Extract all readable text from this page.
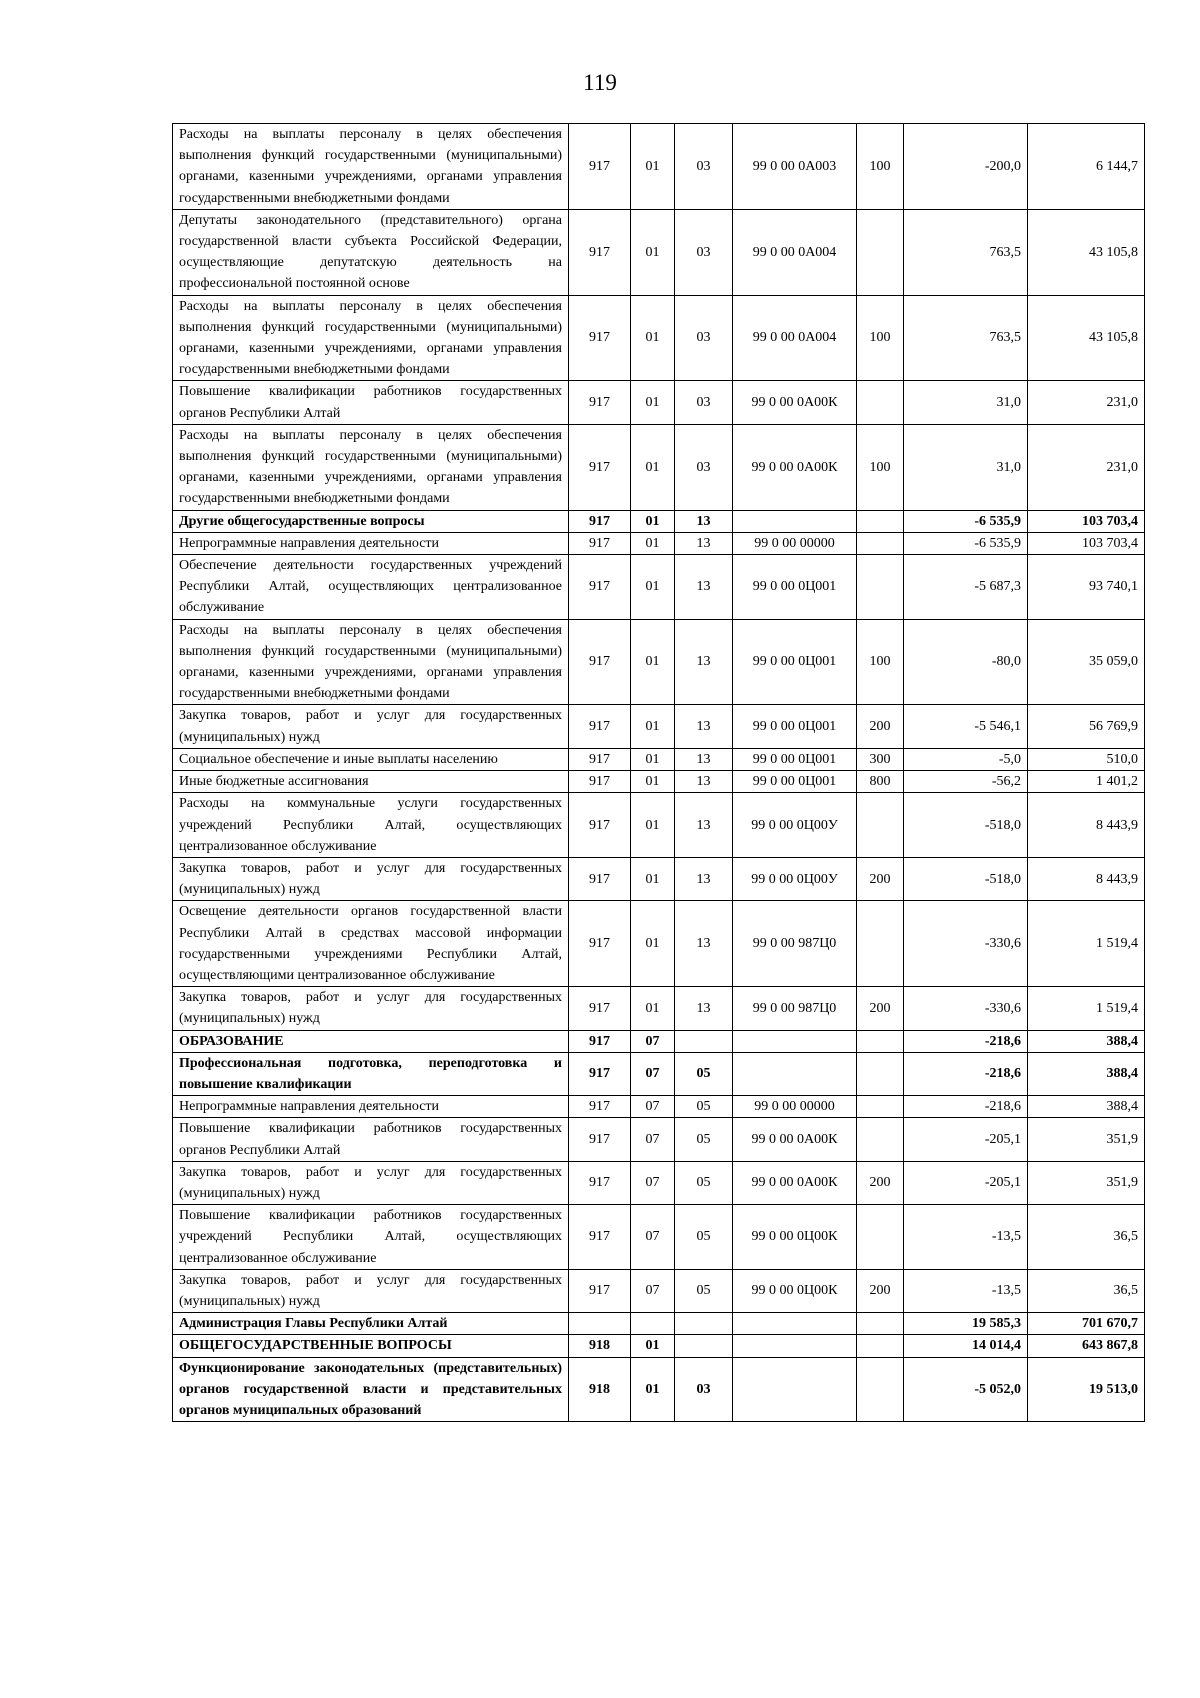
119
Расходы на выплаты персоналу в целях обеспечения выполнения функций государственными (муниципальными) органами, казенными учреждениями, органами управления государственными внебюджетными фондами	917	01	03	99 0 00 0А003	100	-200,0	6 144,7
Депутаты законодательного (представительного) органа государственной власти субъекта Российской Федерации, осуществляющие депутатскую деятельность на профессиональной постоянной основе	917	01	03	99 0 00 0А004		763,5	43 105,8
Расходы на выплаты персоналу в целях обеспечения выполнения функций государственными (муниципальными) органами, казенными учреждениями, органами управления государственными внебюджетными фондами	917	01	03	99 0 00 0А004	100	763,5	43 105,8
Повышение квалификации работников государственных органов Республики Алтай	917	01	03	99 0 00 0А00К		31,0	231,0
Расходы на выплаты персоналу в целях обеспечения выполнения функций государственными (муниципальными) органами, казенными учреждениями, органами управления государственными внебюджетными фондами	917	01	03	99 0 00 0А00К	100	31,0	231,0
Другие общегосударственные вопросы	917	01	13			-6 535,9	103 703,4
Непрограммные направления деятельности	917	01	13	99 0 00 00000		-6 535,9	103 703,4
Обеспечение деятельности государственных учреждений Республики Алтай, осуществляющих централизованное обслуживание	917	01	13	99 0 00 0Ц001		-5 687,3	93 740,1
Расходы на выплаты персоналу в целях обеспечения выполнения функций государственными (муниципальными) органами, казенными учреждениями, органами управления государственными внебюджетными фондами	917	01	13	99 0 00 0Ц001	100	-80,0	35 059,0
Закупка товаров, работ и услуг для государственных (муниципальных) нужд	917	01	13	99 0 00 0Ц001	200	-5 546,1	56 769,9
Социальное обеспечение и иные выплаты населению	917	01	13	99 0 00 0Ц001	300	-5,0	510,0
Иные бюджетные ассигнования	917	01	13	99 0 00 0Ц001	800	-56,2	1 401,2
Расходы на коммунальные услуги государственных учреждений Республики Алтай, осуществляющих централизованное обслуживание	917	01	13	99 0 00 0Ц00У		-518,0	8 443,9
Закупка товаров, работ и услуг для государственных (муниципальных) нужд	917	01	13	99 0 00 0Ц00У	200	-518,0	8 443,9
Освещение деятельности органов государственной власти Республики Алтай в средствах массовой информации государственными учреждениями Республики Алтай, осуществляющими централизованное обслуживание	917	01	13	99 0 00 987Ц0		-330,6	1 519,4
Закупка товаров, работ и услуг для государственных (муниципальных) нужд	917	01	13	99 0 00 987Ц0	200	-330,6	1 519,4
ОБРАЗОВАНИЕ	917	07				-218,6	388,4
Профессиональная подготовка, переподготовка и повышение квалификации	917	07	05			-218,6	388,4
Непрограммные направления деятельности	917	07	05	99 0 00 00000		-218,6	388,4
Повышение квалификации работников государственных органов Республики Алтай	917	07	05	99 0 00 0А00К		-205,1	351,9
Закупка товаров, работ и услуг для государственных (муниципальных) нужд	917	07	05	99 0 00 0А00К	200	-205,1	351,9
Повышение квалификации работников государственных учреждений Республики Алтай, осуществляющих централизованное обслуживание	917	07	05	99 0 00 0Ц00К		-13,5	36,5
Закупка товаров, работ и услуг для государственных (муниципальных) нужд	917	07	05	99 0 00 0Ц00К	200	-13,5	36,5
Администрация Главы Республики Алтай						19 585,3	701 670,7
ОБЩЕГОСУДАРСТВЕННЫЕ ВОПРОСЫ	918	01				14 014,4	643 867,8
Функционирование законодательных (представительных) органов государственной власти и представительных органов муниципальных образований	918	01	03			-5 052,0	19 513,0
